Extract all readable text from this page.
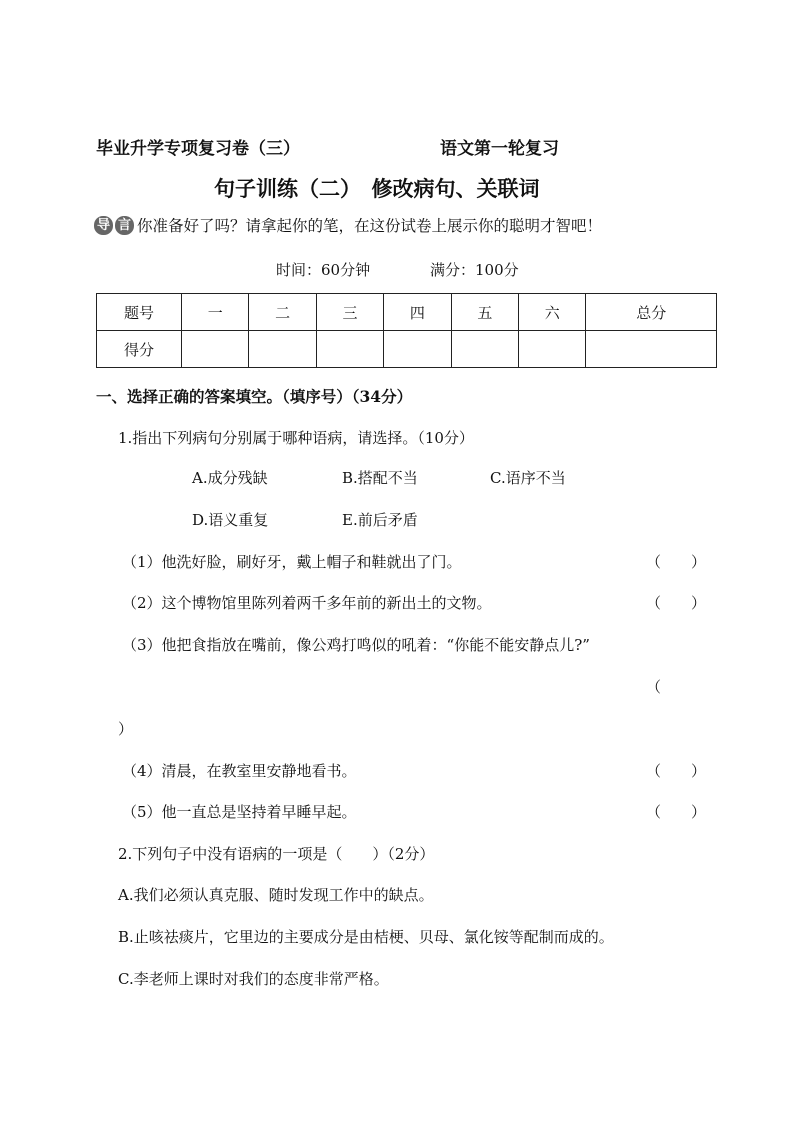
毕业升学专项复习卷（三）	语文第一轮复习
句子训练（二）　修改病句、关联词
导 言 你准备好了吗？请拿起你的笔，在这份试卷上展示你的聪明才智吧！
时间：60分钟	满分：100分
题号	一	二	三	四	五	六	总分
得分							
一、选择正确的答案填空。（填序号）（34分）
1.指出下列病句分别属于哪种语病，请选择。（10分）
A.成分残缺	B.搭配不当	C.语序不当
D.语义重复	E.前后矛盾
（1）他洗好脸，刷好牙，戴上帽子和鞋就出了门。	（　　）
（2）这个博物馆里陈列着两千多年前的新出土的文物。	（　　）
（3）他把食指放在嘴前，像公鸡打鸣似的吼着：“你能不能安静点儿?”
（
）
（4）清晨，在教室里安静地看书。	（　　）
（5）他一直总是坚持着早睡早起。	（　　）
2.下列句子中没有语病的一项是（　　）（2分）
A.我们必须认真克服、随时发现工作中的缺点。
B.止咳祛痰片，它里边的主要成分是由桔梗、贝母、氯化铵等配制而成的。
C.李老师上课时对我们的态度非常严格。
